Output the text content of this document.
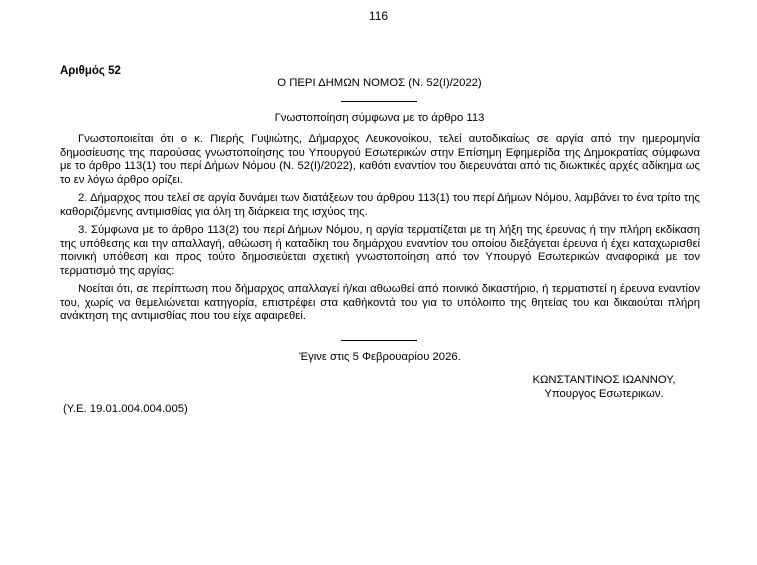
116
Αριθμός 52
Ο ΠΕΡΙ ΔΗΜΩΝ ΝΟΜΟΣ (Ν. 52(Ι)/2022)
Γνωστοποίηση σύμφωνα με το άρθρο 113

Γνωστοποιείται ότι ο κ. Πιερής Γυψιώτης, Δήμαρχος Λευκονοίκου, τελεί αυτοδικαίως σε αργία από την ημερομηνία δημοσίευσης της παρούσας γνωστοποίησης του Υπουργού Εσωτερικών στην Επίσημη Εφημερίδα της Δημοκρατίας σύμφωνα με το άρθρο 113(1) του περί Δήμων Νόμου (Ν. 52(Ι)/2022), καθότι εναντίον του διερευνάται από τις διωκτικές αρχές αδίκημα ως το εν λόγω άρθρο ορίζει.

2. Δήμαρχος που τελεί σε αργία δυνάμει των διατάξεων του άρθρου 113(1) του περί Δήμων Νόμου, λαμβάνει το ένα τρίτο της καθοριζόμενης αντιμισθίας για όλη τη διάρκεια της ισχύος της.

3. Σύμφωνα με το άρθρο 113(2) του περί Δήμων Νόμου, η αργία τερματίζεται με τη λήξη της έρευνας ή την πλήρη εκδίκαση της υπόθεσης και την απαλλαγή, αθώωση ή καταδίκη του δημάρχου εναντίον του οποίου διεξάγεται έρευνα ή έχει καταχωρισθεί ποινική υπόθεση και προς τούτο δημοσιεύεται σχετική γνωστοποίηση από τον Υπουργό Εσωτερικών αναφορικά με τον τερματισμό της αργίας:

Νοείται ότι, σε περίπτωση που δήμαρχος απαλλαγεί ή/και αθωωθεί από ποινικό δικαστήριο, ή τερματιστεί η έρευνα εναντίον του, χωρίς να θεμελιώνεται κατηγορία, επιστρέφει στα καθήκοντά του για το υπόλοιπο της θητείας του και δικαιούται πλήρη ανάκτηση της αντιμισθίας που του είχε αφαιρεθεί.

Έγινε στις 5 Φεβρουαρίου 2026.
ΚΩΝΣΤΑΝΤΙΝΟΣ ΙΩΑΝΝΟΥ,
Υπουργος Εσωτερικων.
(Υ.Ε. 19.01.004.004.005)
